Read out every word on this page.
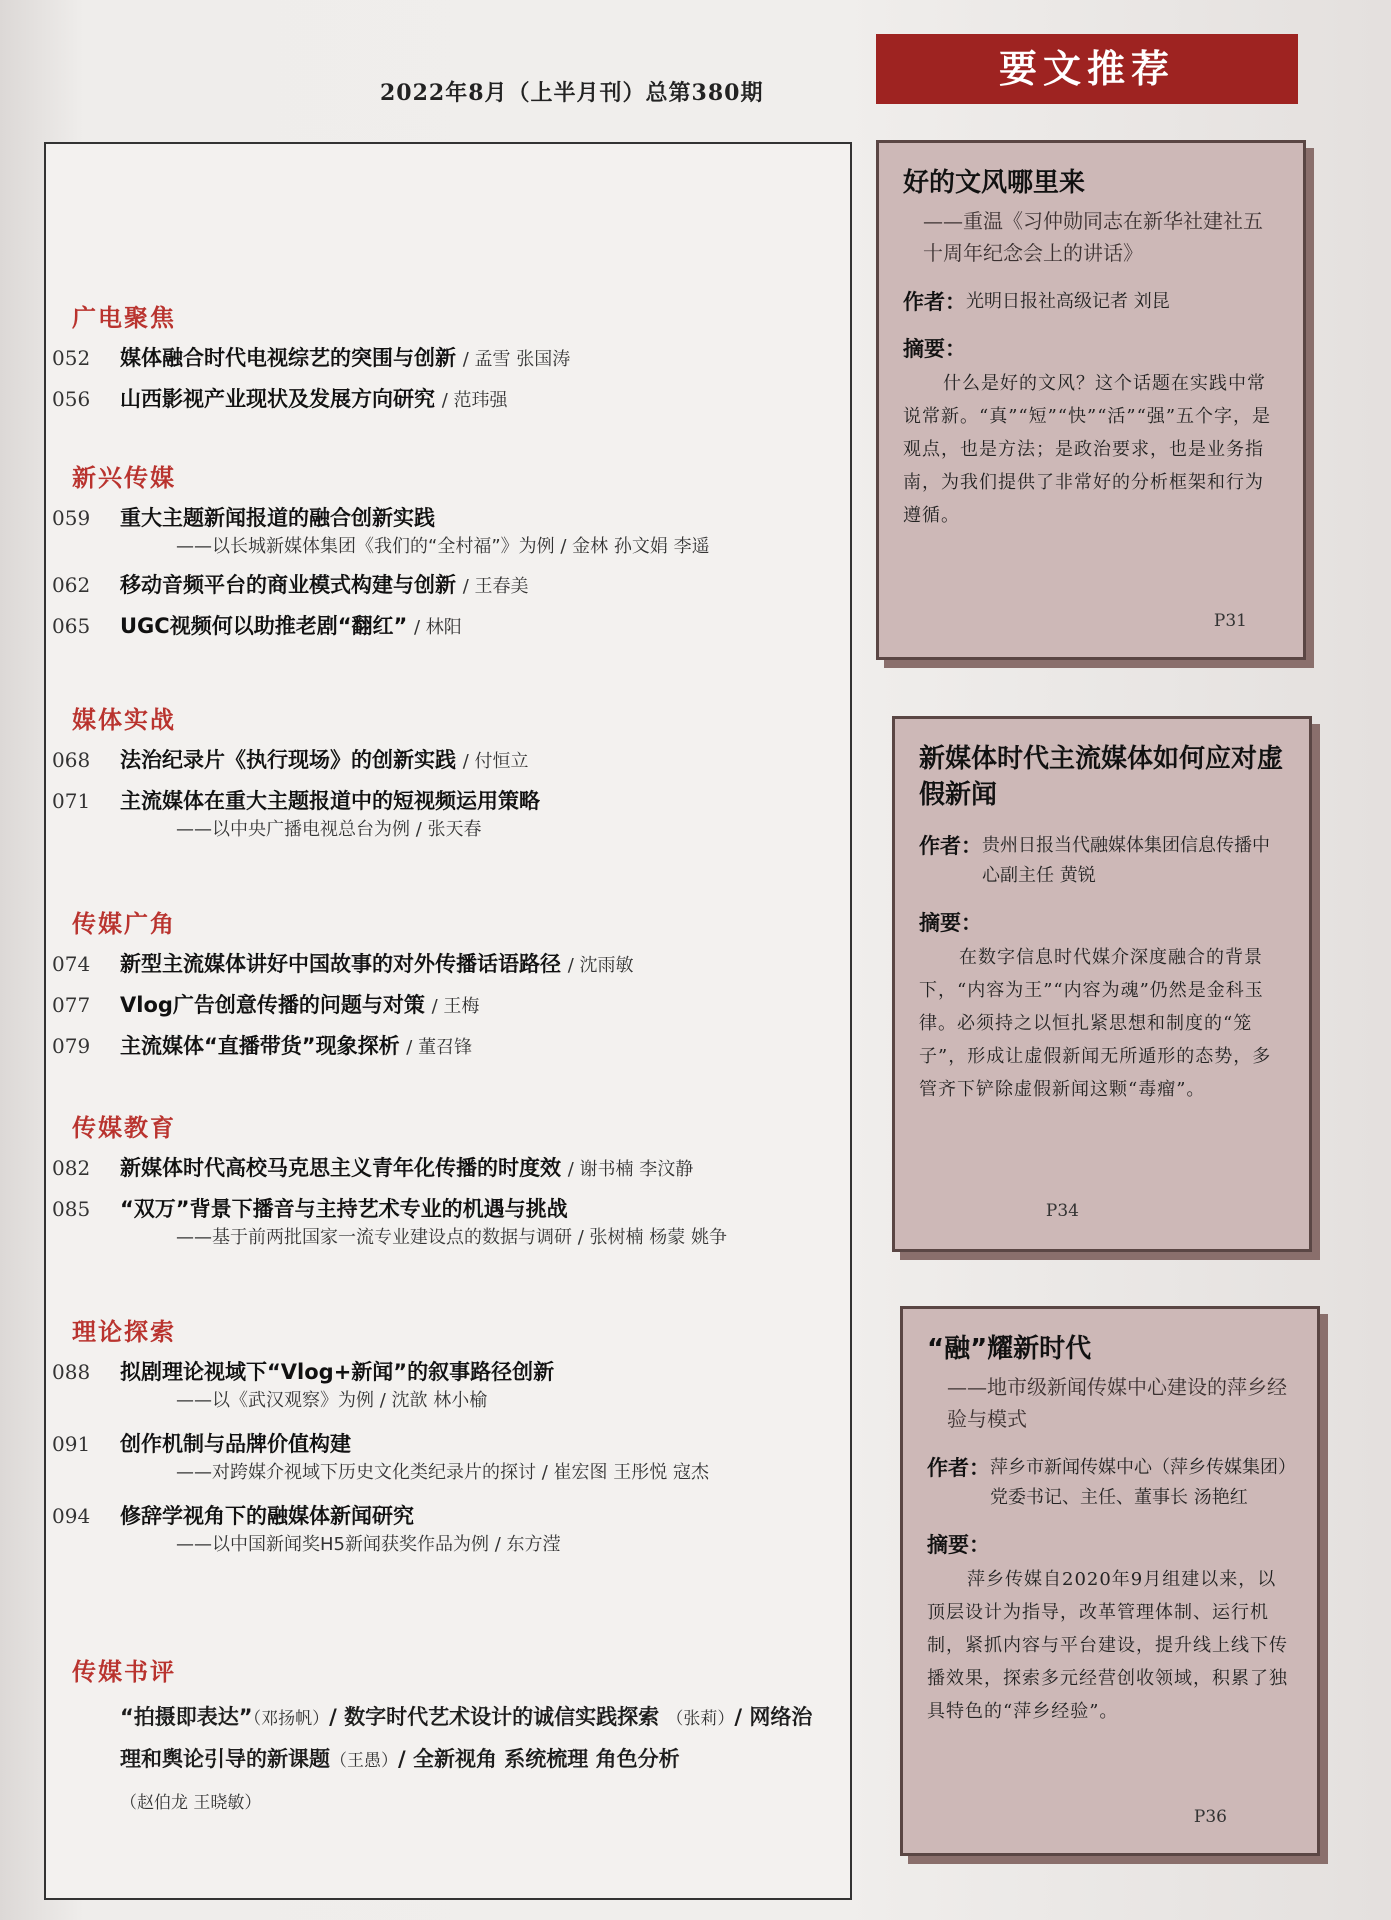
2022年8月（上半月刊）总第380期
广电聚焦
052	媒体融合时代电视综艺的突围与创新 / 孟雪 张国涛
056	山西影视产业现状及发展方向研究 / 范玮强
新兴传媒
059	重大主题新闻报道的融合创新实践
——以长城新媒体集团《我们的“全村福”》为例 / 金林 孙文娟 李遥
062	移动音频平台的商业模式构建与创新 / 王春美
065	UGC视频何以助推老剧“翻红” / 林阳
媒体实战
068	法治纪录片《执行现场》的创新实践 / 付恒立
071	主流媒体在重大主题报道中的短视频运用策略
——以中央广播电视总台为例 / 张天春
传媒广角
074	新型主流媒体讲好中国故事的对外传播话语路径 / 沈雨敏
077	Vlog广告创意传播的问题与对策 / 王梅
079	主流媒体“直播带货”现象探析 / 董召锋
传媒教育
082	新媒体时代高校马克思主义青年化传播的时度效 / 谢书楠 李汶静
085	“双万”背景下播音与主持艺术专业的机遇与挑战
——基于前两批国家一流专业建设点的数据与调研 / 张树楠 杨蒙 姚争
理论探索
088	拟剧理论视域下“Vlog+新闻”的叙事路径创新
——以《武汉观察》为例 / 沈歆 林小榆
091	创作机制与品牌价值构建
——对跨媒介视域下历史文化类纪录片的探讨 / 崔宏图 王彤悦 寇杰
094	修辞学视角下的融媒体新闻研究
——以中国新闻奖H5新闻获奖作品为例 / 东方滢
传媒书评
“拍摄即表达”（邓扬帆）/ 数字时代艺术设计的诚信实践探索 （张莉）/ 网络治理和舆论引导的新课题（王愚）/ 全新视角 系统梳理 角色分析（赵伯龙 王晓敏）
要文推荐
好的文风哪里来
——重温《习仲勋同志在新华社建社五十周年纪念会上的讲话》
作者： 光明日报社高级记者 刘昆
摘要：
什么是好的文风？这个话题在实践中常说常新。“真”“短”“快”“活”“强”五个字，是观点，也是方法；是政治要求，也是业务指南，为我们提供了非常好的分析框架和行为遵循。
P31
新媒体时代主流媒体如何应对虚假新闻
作者： 贵州日报当代融媒体集团信息传播中心副主任 黄锐
摘要：
在数字信息时代媒介深度融合的背景下，“内容为王”“内容为魂”仍然是金科玉律。必须持之以恒扎紧思想和制度的“笼子”，形成让虚假新闻无所遁形的态势，多管齐下铲除虚假新闻这颗“毒瘤”。
P34
“融”耀新时代
——地市级新闻传媒中心建设的萍乡经验与模式
作者： 萍乡市新闻传媒中心（萍乡传媒集团）党委书记、主任、董事长 汤艳红
摘要：
萍乡传媒自2020年9月组建以来，以顶层设计为指导，改革管理体制、运行机制，紧抓内容与平台建设，提升线上线下传播效果，探索多元经营创收领域，积累了独具特色的“萍乡经验”。
P36
